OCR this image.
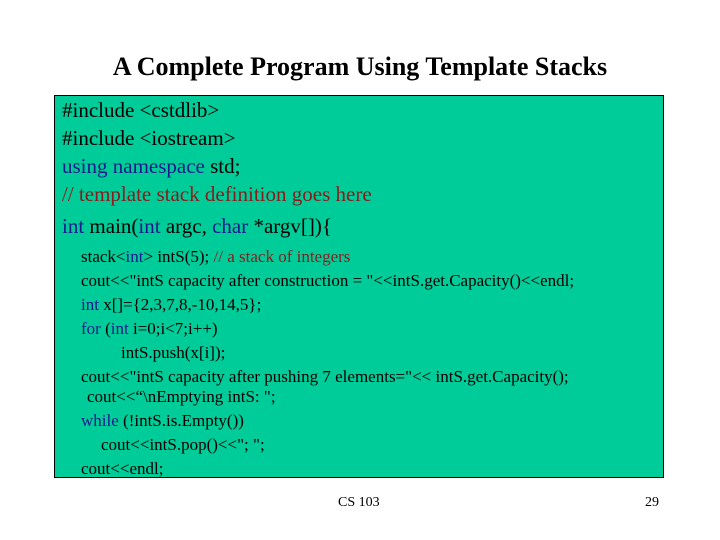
A Complete Program Using Template Stacks
#include <cstdlib>
#include <iostream>
using namespace std;
// template stack definition goes here
int main(int argc, char *argv[]){
stack<int> intS(5); // a stack of integers
cout<<"intS capacity after construction = "<<intS.get.Capacity()<<endl;
int x[]={2,3,7,8,-10,14,5};
for (int i=0;i<7;i++)
intS.push(x[i]);
cout<<"intS capacity after pushing 7 elements="<< intS.get.Capacity();
cout<<“\nEmptying intS: ";
while (!intS.is.Empty())
cout<<intS.pop()<<"; ";
cout<<endl;
CS 103	29
